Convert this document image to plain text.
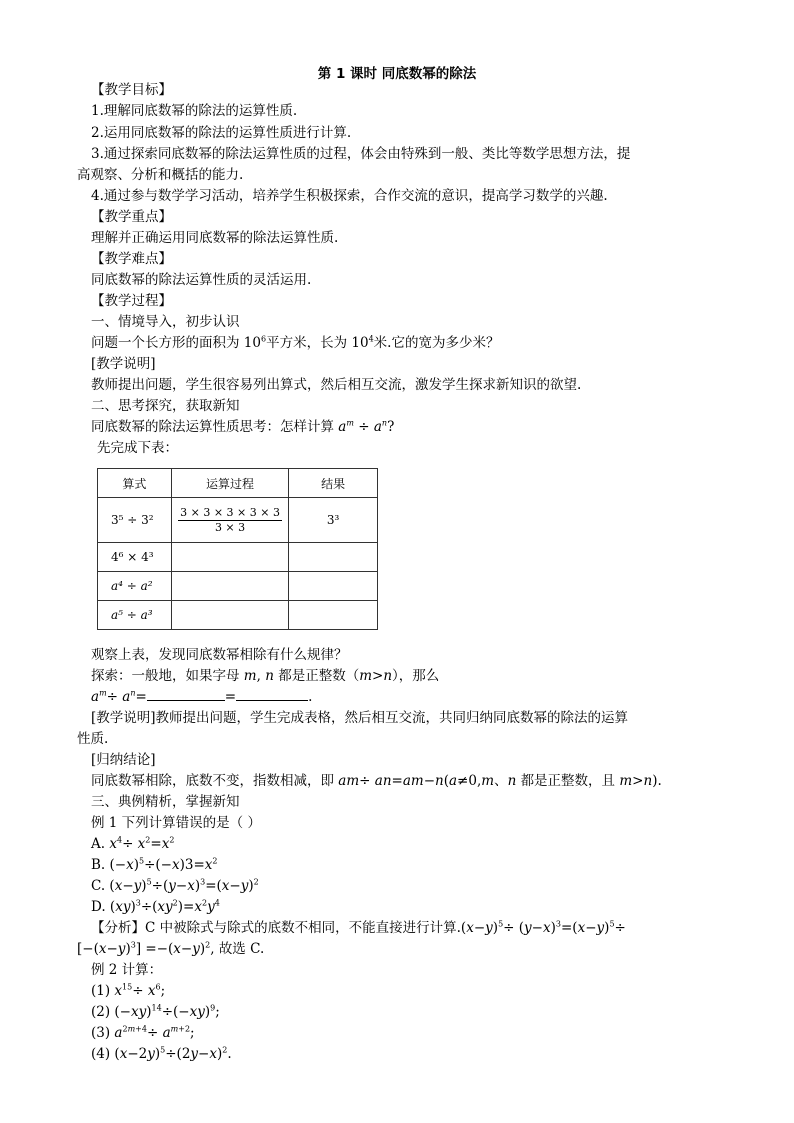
第 1 课时 同底数幂的除法
【教学目标】
1.理解同底数幂的除法的运算性质.
2.运用同底数幂的除法的运算性质进行计算.
3.通过探索同底数幂的除法运算性质的过程，体会由特殊到一般、类比等数学思想方法，提
高观察、分析和概括的能力.
4.通过参与数学学习活动，培养学生积极探索，合作交流的意识，提高学习数学的兴趣.
【教学重点】
理解并正确运用同底数幂的除法运算性质.
【教学难点】
同底数幂的除法运算性质的灵活运用.
【教学过程】
一、情境导入，初步认识
问题一个长方形的面积为 $10^6$平方米，长为 $10^4$米.它的宽为多少米？
[教学说明]
教师提出问题，学生很容易列出算式，然后相互交流，激发学生探求新知识的欲望.
二、思考探究，获取新知
同底数幂的除法运算性质思考：怎样计算 $a^m \div a^n$?
先完成下表：
算式	运算过程	结果
3⁵ ÷ 3²	$\frac{3 \times 3 \times 3 \times 3 \times 3}{3 \times 3}$	3³
4⁶ × 4³		
a⁴ ÷ a²		
a⁵ ÷ a³		
观察上表，发现同底数幂相除有什么规律？
探索：一般地，如果字母 m, n 都是正整数（m>n），那么
$a^m\div a^n=$	=	.
[教学说明]教师提出问题，学生完成表格，然后相互交流，共同归纳同底数幂的除法的运算
性质.
[归纳结论]
同底数幂相除，底数不变，指数相减，即 am÷ an=am−n(a≠0,m、n 都是正整数，且 m>n).
三、典例精析，掌握新知
例 1 下列计算错误的是（ ）
A. $x^4\div x^2=x^2$
B. $(-x)^5\div(-x)3=x^2$
C. $(x-y)^5\div(y-x)^3=(x-y)^2$
D. $(xy)^3\div(xy^2)=x^2y^4$
【分析】C 中被除式与除式的底数不相同，不能直接进行计算$.(x-y)^5\div (y-x)^3=(x-y)^5\div$
$[-(x-y)^3] =-(x-y)^2$, 故选 C.
例 2 计算：
(1) $x^{15}\div x^6$;
(2) $(-xy)^{14}\div(-xy)^9$;
(3) $a^{2m+4}\div a^{m+2}$;
(4) $(x-2y)^5\div(2y-x)^2$.
